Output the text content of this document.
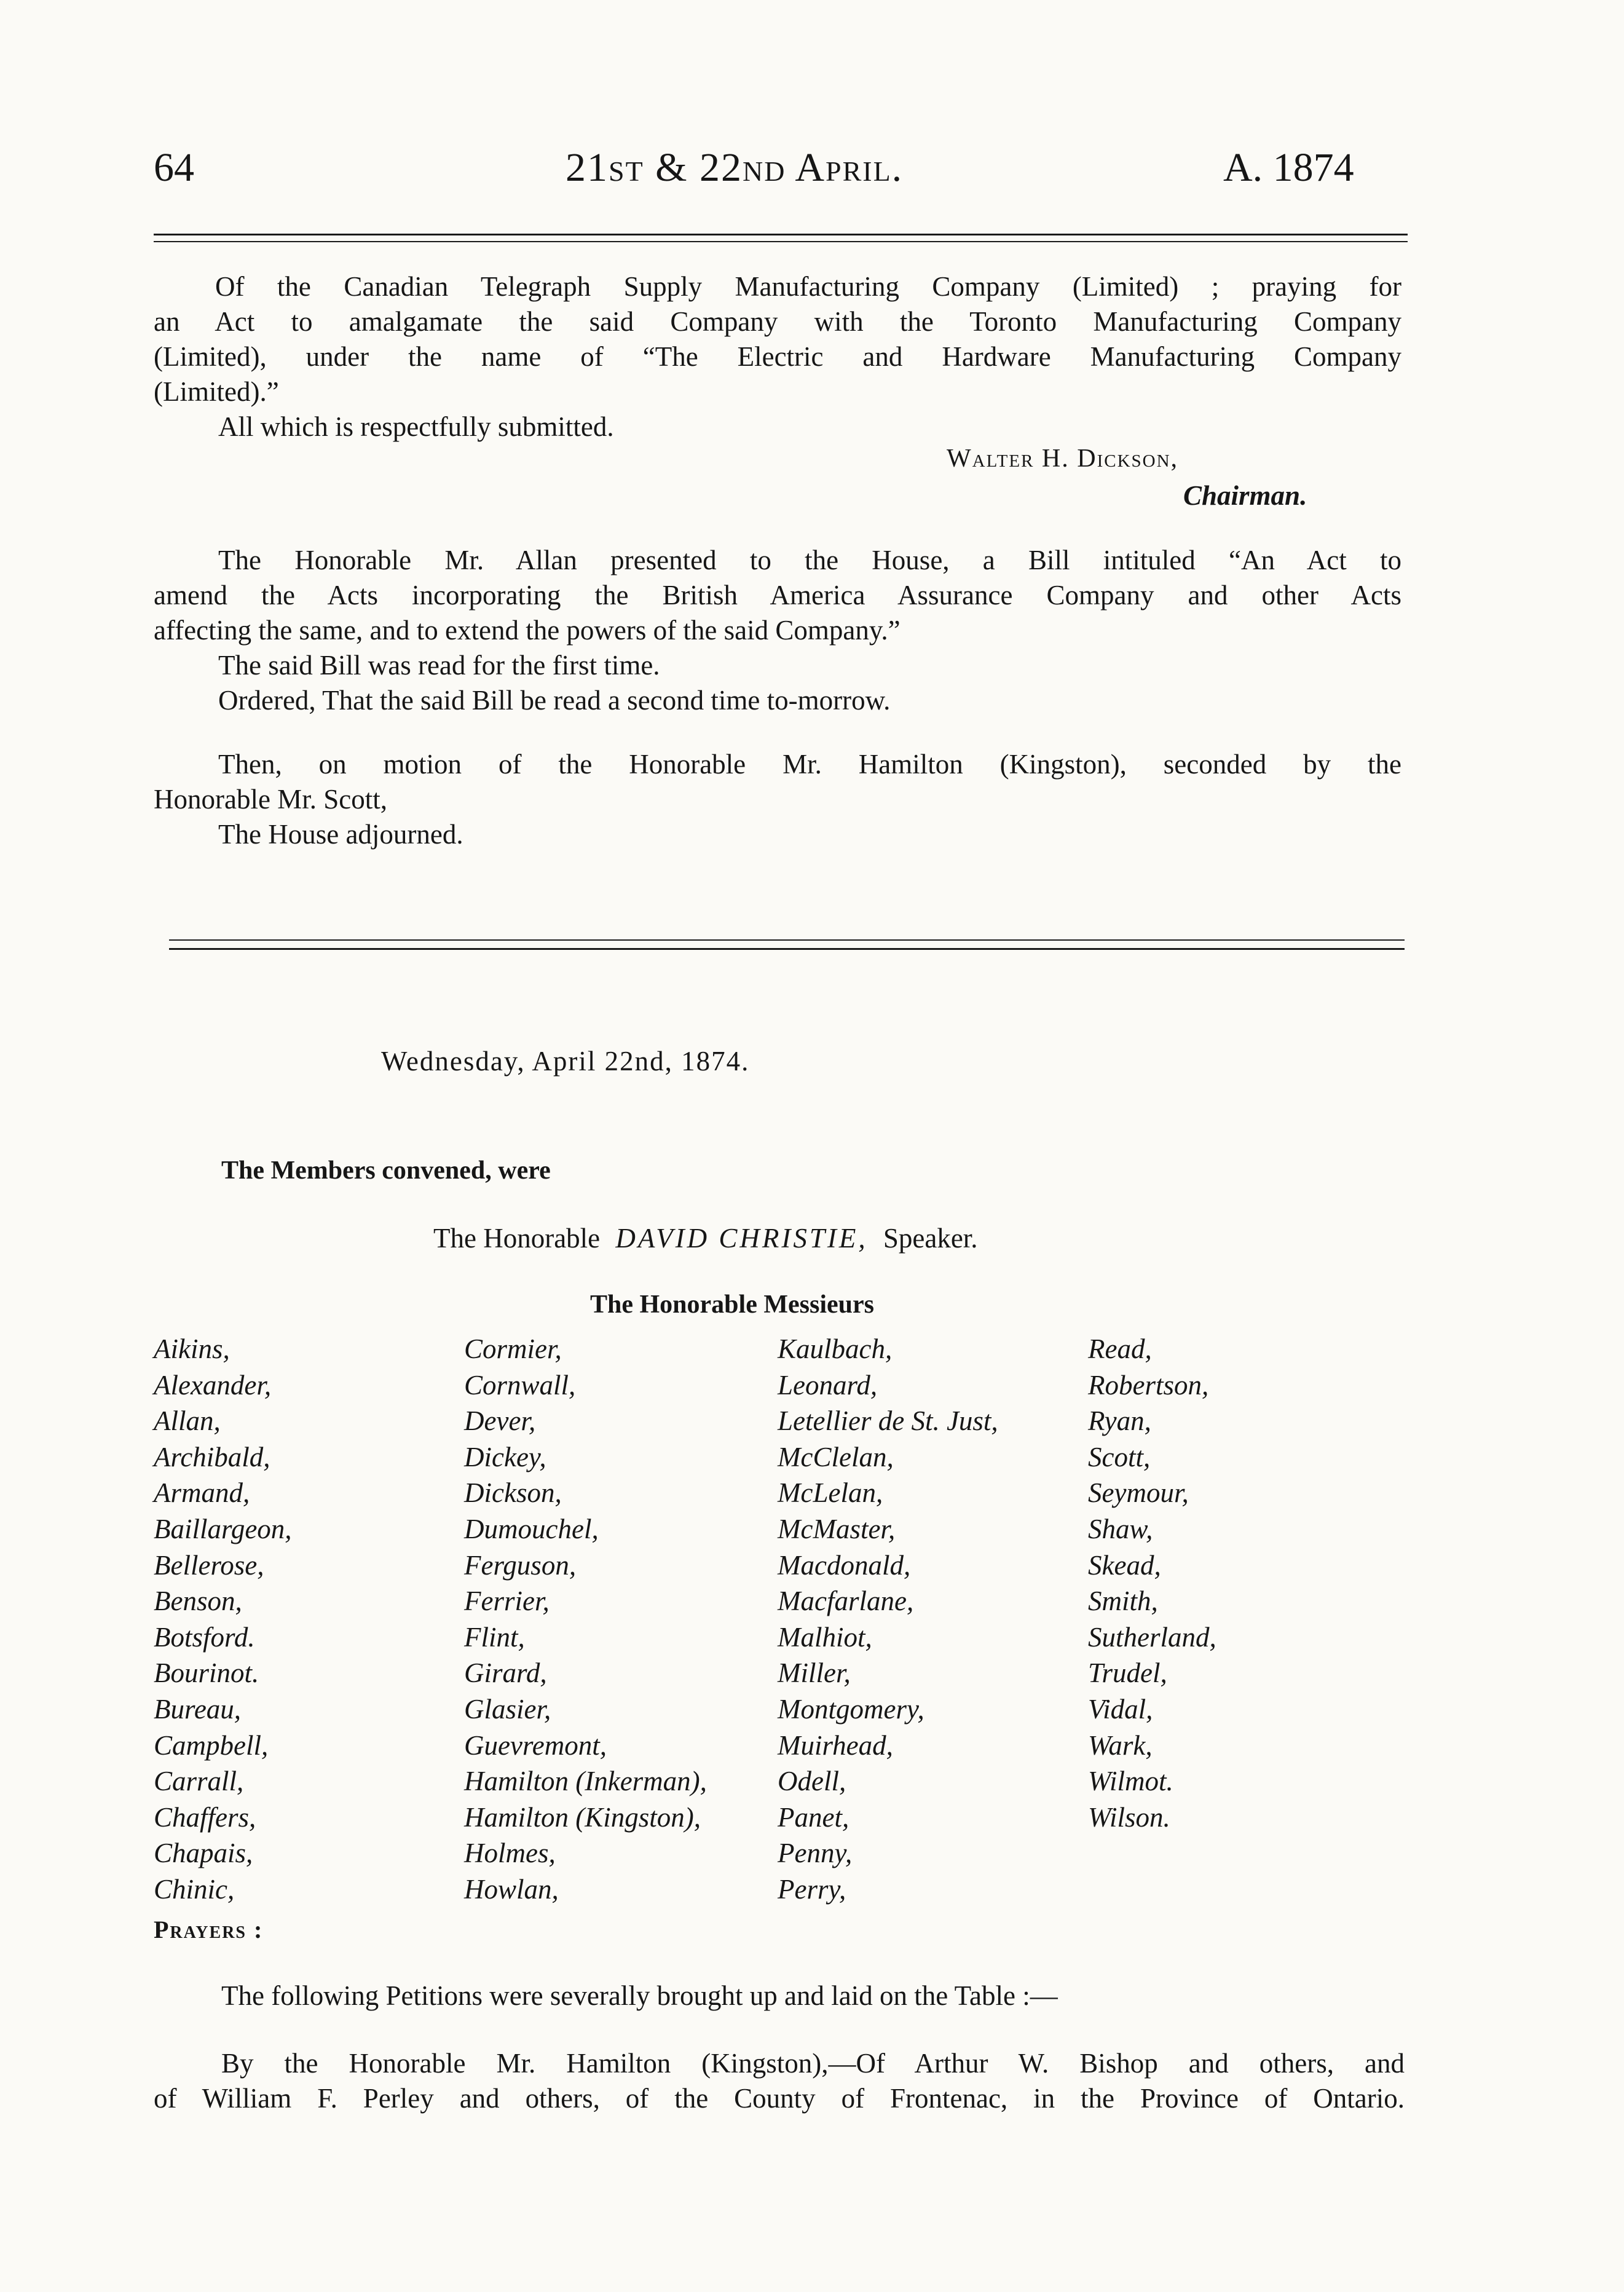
64	21st & 22nd April.	A. 1874

Of the Canadian Telegraph Supply Manufacturing Company (Limited) ; praying for

an Act to amalgamate the said Company with the Toronto Manufacturing Company

(Limited), under the name of “The Electric and Hardware Manufacturing Company

(Limited).”

All which is respectfully submitted.

Walter H. Dickson,

Chairman.

The Honorable Mr. Allan presented to the House, a Bill intituled “An Act to

amend the Acts incorporating the British America Assurance Company and other Acts

affecting the same, and to extend the powers of the said Company.”

The said Bill was read for the first time.

Ordered, That the said Bill be read a second time to-morrow.

Then, on motion of the Honorable Mr. Hamilton (Kingston), seconded by the

Honorable Mr. Scott,

The House adjourned.

Wednesday, April 22nd, 1874.

The Members convened, were

The Honorable DAVID CHRISTIE, Speaker.

The Honorable Messieurs

Aikins,
Alexander,
Allan,
Archibald,
Armand,
Baillargeon,
Bellerose,
Benson,
Botsford.
Bourinot.
Bureau,
Campbell,
Carrall,
Chaffers,
Chapais,
Chinic,
Cormier,
Cornwall,
Dever,
Dickey,
Dickson,
Dumouchel,
Ferguson,
Ferrier,
Flint,
Girard,
Glasier,
Guevremont,
Hamilton (Inkerman),
Hamilton (Kingston),
Holmes,
Howlan,
Kaulbach,
Leonard,
Letellier de St. Just,
McClelan,
McLelan,
McMaster,
Macdonald,
Macfarlane,
Malhiot,
Miller,
Montgomery,
Muirhead,
Odell,
Panet,
Penny,
Perry,
Read,
Robertson,
Ryan,
Scott,
Seymour,
Shaw,
Skead,
Smith,
Sutherland,
Trudel,
Vidal,
Wark,
Wilmot.
Wilson.

Prayers :

The following Petitions were severally brought up and laid on the Table :—

By the Honorable Mr. Hamilton (Kingston),—Of Arthur W. Bishop and others, and

of William F. Perley and others, of the County of Frontenac, in the Province of Ontario.
